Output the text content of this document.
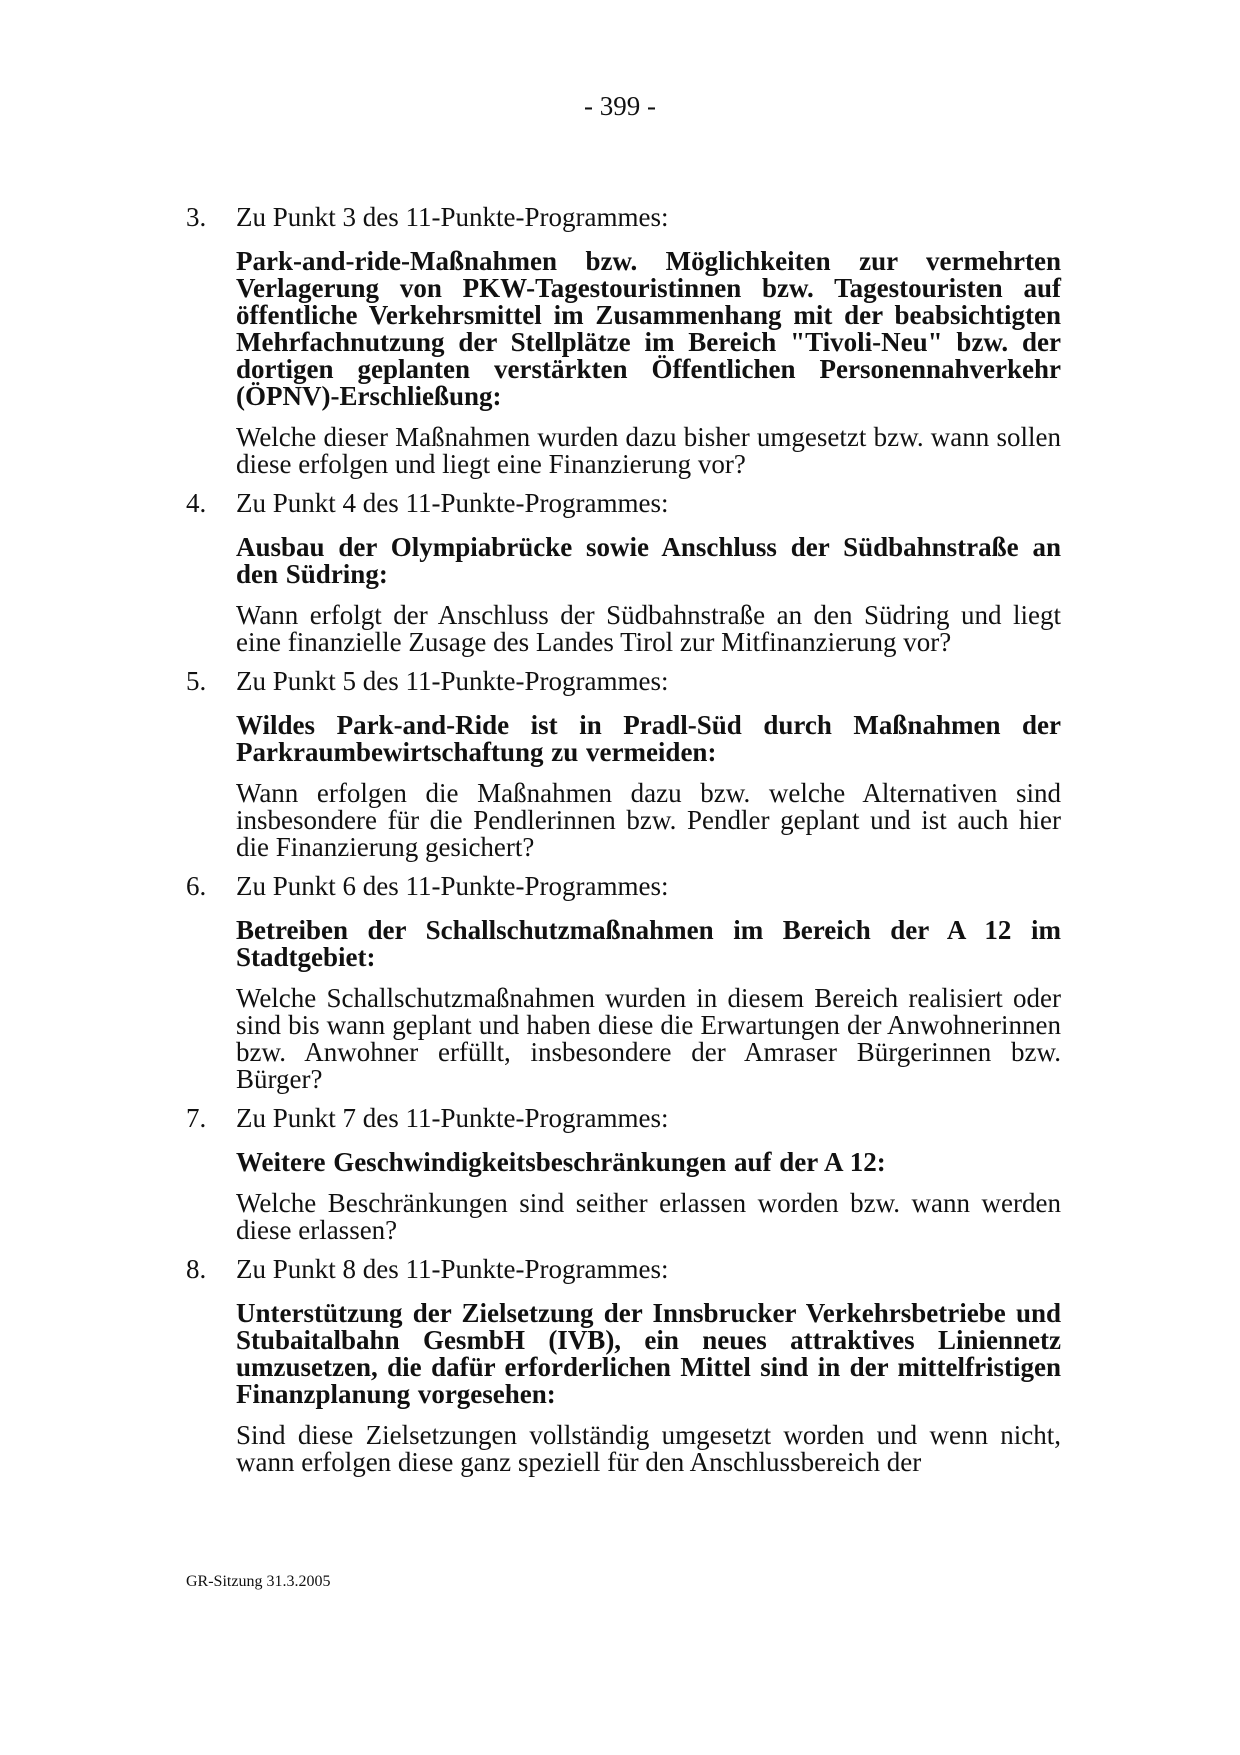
- 399 -
3. Zu Punkt 3 des 11-Punkte-Programmes:

Park-and-ride-Maßnahmen bzw. Möglichkeiten zur vermehrten Verlagerung von PKW-Tagestouristinnen bzw. Tagestouristen auf öffentliche Verkehrsmittel im Zusammenhang mit der beabsichtigten Mehrfachnutzung der Stellplätze im Bereich "Tivoli-Neu" bzw. der dortigen geplanten verstärkten Öffentlichen Personennahverkehr (ÖPNV)-Erschließung:

Welche dieser Maßnahmen wurden dazu bisher umgesetzt bzw. wann sollen diese erfolgen und liegt eine Finanzierung vor?

4. Zu Punkt 4 des 11-Punkte-Programmes:

Ausbau der Olympiabrücke sowie Anschluss der Südbahnstraße an den Südring:

Wann erfolgt der Anschluss der Südbahnstraße an den Südring und liegt eine finanzielle Zusage des Landes Tirol zur Mitfinanzierung vor?

5. Zu Punkt 5 des 11-Punkte-Programmes:

Wildes Park-and-Ride ist in Pradl-Süd durch Maßnahmen der Parkraumbewirtschaftung zu vermeiden:

Wann erfolgen die Maßnahmen dazu bzw. welche Alternativen sind insbesondere für die Pendlerinnen bzw. Pendler geplant und ist auch hier die Finanzierung gesichert?

6. Zu Punkt 6 des 11-Punkte-Programmes:

Betreiben der Schallschutzmaßnahmen im Bereich der A 12 im Stadtgebiet:

Welche Schallschutzmaßnahmen wurden in diesem Bereich realisiert oder sind bis wann geplant und haben diese die Erwartungen der Anwohnerinnen bzw. Anwohner erfüllt, insbesondere der Amraser Bürgerinnen bzw. Bürger?

7. Zu Punkt 7 des 11-Punkte-Programmes:

Weitere Geschwindigkeitsbeschränkungen auf der A 12:

Welche Beschränkungen sind seither erlassen worden bzw. wann werden diese erlassen?

8. Zu Punkt 8 des 11-Punkte-Programmes:

Unterstützung der Zielsetzung der Innsbrucker Verkehrsbetriebe und Stubaitalbahn GesmbH (IVB), ein neues attraktives Liniennetz umzusetzen, die dafür erforderlichen Mittel sind in der mittelfristigen Finanzplanung vorgesehen:

Sind diese Zielsetzungen vollständig umgesetzt worden und wenn nicht, wann erfolgen diese ganz speziell für den Anschlussbereich der

GR-Sitzung 31.3.2005
